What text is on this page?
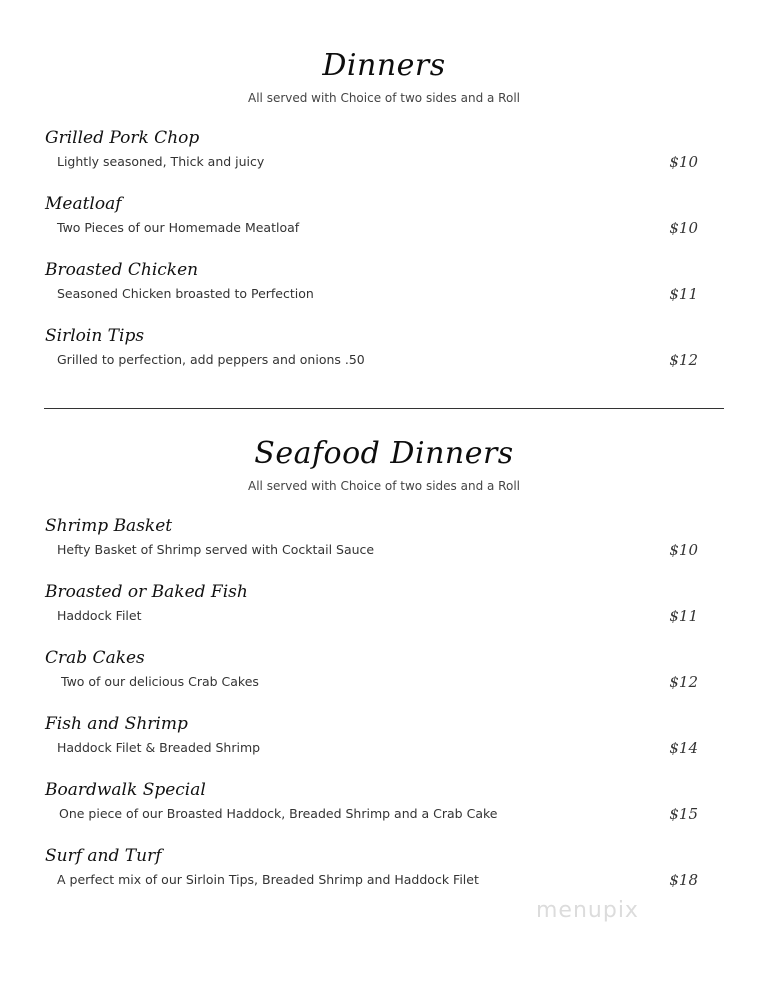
Dinners
All served with Choice of two sides and a Roll
Grilled Pork Chop
Lightly seasoned, Thick and juicy	$10
Meatloaf
Two Pieces of our Homemade Meatloaf	$10
Broasted Chicken
Seasoned Chicken broasted to Perfection	$11
Sirloin Tips
Grilled to perfection, add peppers and onions .50	$12
Seafood Dinners
All served with Choice of two sides and a Roll
Shrimp Basket
Hefty Basket of Shrimp served with Cocktail Sauce	$10
Broasted or Baked Fish
Haddock Filet	$11
Crab Cakes
Two of our delicious Crab Cakes	$12
Fish and Shrimp
Haddock Filet & Breaded Shrimp	$14
Boardwalk Special
One piece of our Broasted Haddock, Breaded Shrimp and a Crab Cake	$15
Surf and Turf
A perfect mix of our Sirloin Tips, Breaded Shrimp and Haddock Filet	$18
menupix
